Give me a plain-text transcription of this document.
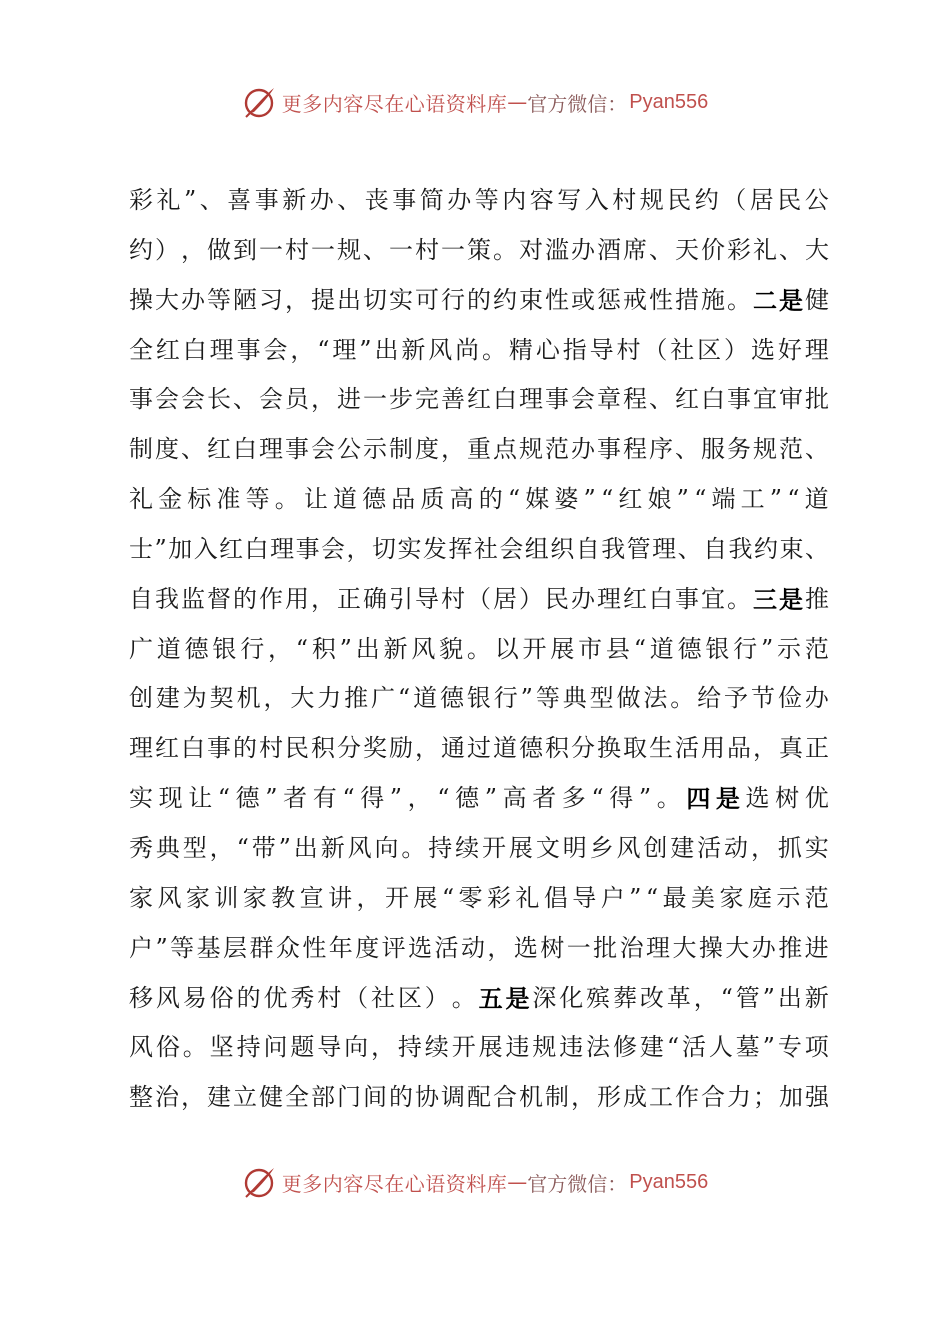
更多内容尽在心语资料库 — 官方微信： Pyan556
彩 礼 ” 、 喜 事 新 办 、 丧 事 简 办 等 内 容 写 入 村 规 民 约 （ 居 民 公
约 ） ， 做 到 一 村 一 规 、 一 村 一 策 。 对 滥 办 酒 席 、 天 价 彩 礼 、 大
操 大 办 等 陋 习 ， 提 出 切 实 可 行 的 约 束 性 或 惩 戒 性 措 施 。 二 是 健
全 红 白 理 事 会 ， “ 理 ” 出 新 风 尚 。 精 心 指 导 村 （ 社 区 ） 选 好 理
事 会 会 长 、 会 员 ， 进 一 步 完 善 红 白 理 事 会 章 程 、 红 白 事 宜 审 批
制 度 、 红 白 理 事 会 公 示 制 度 ， 重 点 规 范 办 事 程 序 、 服 务 规 范 、
礼 金 标 准 等 。 让 道 德 品 质 高 的 “ 媒 婆 ” “ 红 娘 ” “ 端 工 ” “ 道
士 ” 加 入 红 白 理 事 会 ， 切 实 发 挥 社 会 组 织 自 我 管 理 、 自 我 约 束 、
自 我 监 督 的 作 用 ， 正 确 引 导 村 （ 居 ） 民 办 理 红 白 事 宜 。 三 是 推
广 道 德 银 行 ， “ 积 ” 出 新 风 貌 。 以 开 展 市 县 “ 道 德 银 行 ” 示 范
创 建 为 契 机 ， 大 力 推 广 “ 道 德 银 行 ” 等 典 型 做 法 。 给 予 节 俭 办
理 红 白 事 的 村 民 积 分 奖 励 ， 通 过 道 德 积 分 换 取 生 活 用 品 ， 真 正
实 现 让 “ 德 ” 者 有 “ 得 ” ， “ 德 ” 高 者 多 “ 得 ” 。 四 是 选 树 优
秀 典 型 ， “ 带 ” 出 新 风 向 。 持 续 开 展 文 明 乡 风 创 建 活 动 ， 抓 实
家 风 家 训 家 教 宣 讲 ， 开 展 “ 零 彩 礼 倡 导 户 ” “ 最 美 家 庭 示 范
户 ” 等 基 层 群 众 性 年 度 评 选 活 动 ， 选 树 一 批 治 理 大 操 大 办 推 进
移 风 易 俗 的 优 秀 村 （ 社 区 ） 。 五 是 深 化 殡 葬 改 革 ， “ 管 ” 出 新
风 俗 。 坚 持 问 题 导 向 ， 持 续 开 展 违 规 违 法 修 建 “ 活 人 墓 ” 专 项
整 治 ， 建 立 健 全 部 门 间 的 协 调 配 合 机 制 ， 形 成 工 作 合 力 ； 加 强
更多内容尽在心语资料库 — 官方微信： Pyan556
